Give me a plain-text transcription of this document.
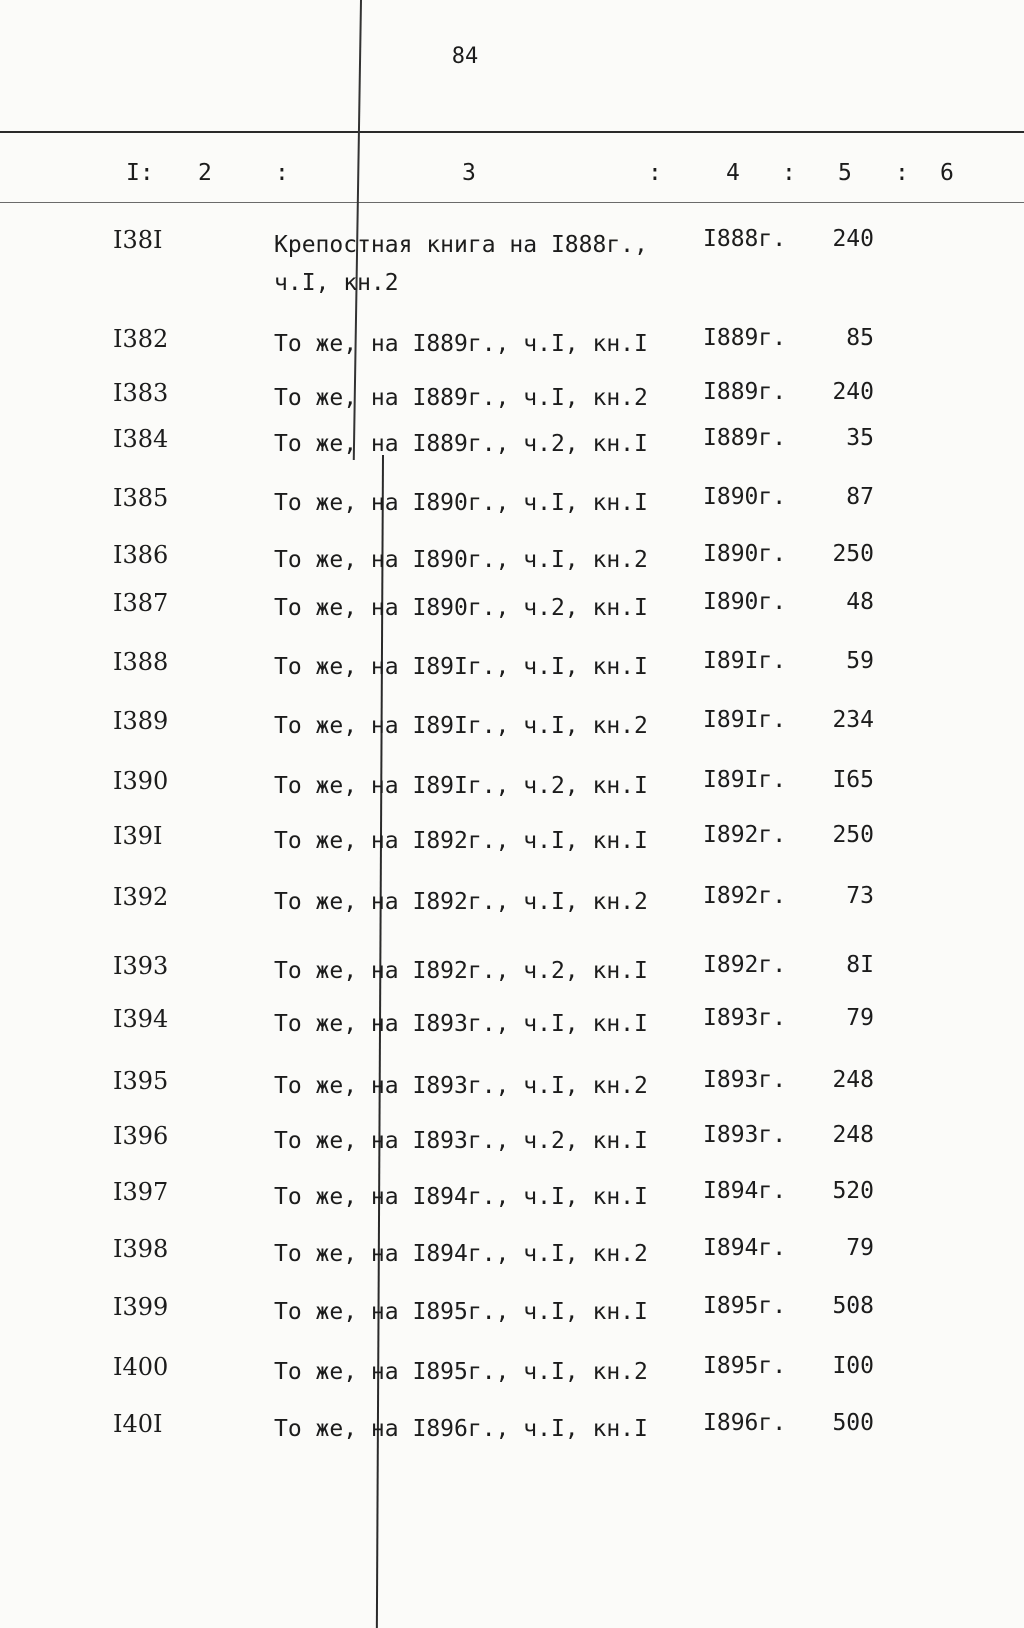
84
I: 2	:	3	:	4 : 5 : 6
I38I	Крепостная книга на I888г.,
ч.I, кн.2
I888г. 240
I382	То же, на I889г., ч.I, кн.I I889г.	85
I383	То же, на I889г., ч.I, кн.2 I889г. 240
I384	То же, на I889г., ч.2, кн.I I889г.	35
I385	То же, на I890г., ч.I, кн.I I890г.	87
I386	То же, на I890г., ч.I, кн.2 I890г. 250
I387	То же, на I890г., ч.2, кн.I I890г.	48
I388	То же, на I89Iг., ч.I, кн.I I89Iг.	59
I389	То же, на I89Iг., ч.I, кн.2 I89Iг. 234
I390	То же, на I89Iг., ч.2, кн.I I89Iг. I65
I39I	То же, на I892г., ч.I, кн.I I892г. 250
I392	То же, на I892г., ч.I, кн.2 I892г.	73
I393	То же, на I892г., ч.2, кн.I I892г.	8I
I394	То же, на I893г., ч.I, кн.I I893г.	79
I395	То же, на I893г., ч.I, кн.2 I893г. 248
I396	То же, на I893г., ч.2, кн.I I893г. 248
I397	То же, на I894г., ч.I, кн.I I894г. 520
I398	То же, на I894г., ч.I, кн.2 I894г.	79
I399	То же, на I895г., ч.I, кн.I I895г. 508
I400	То же, на I895г., ч.I, кн.2 I895г. I00
I40I	То же, на I896г., ч.I, кн.I I896г. 500
